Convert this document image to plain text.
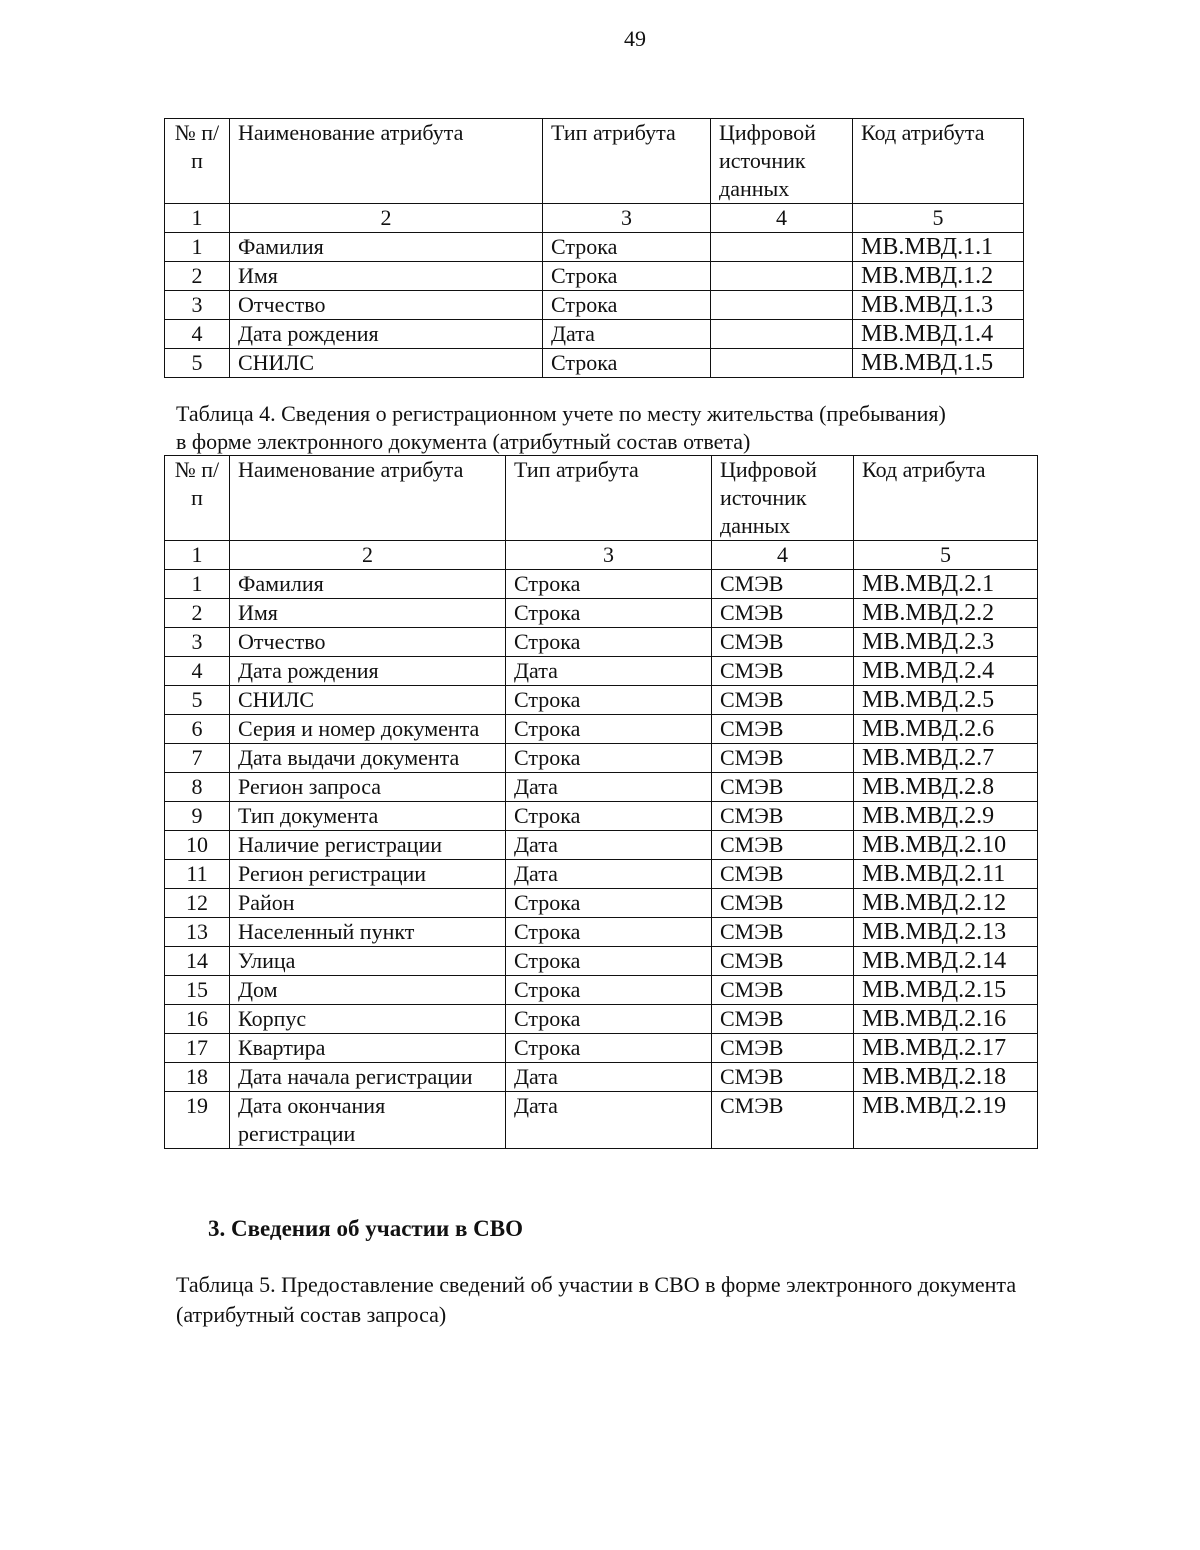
49
№ п/п	Наименование атрибута	Тип атрибута	Цифровой источник данных	Код атрибута
1	2	3	4	5
1	Фамилия	Строка		МВ.МВД.1.1
2	Имя	Строка		МВ.МВД.1.2
3	Отчество	Строка		МВ.МВД.1.3
4	Дата рождения	Дата		МВ.МВД.1.4
5	СНИЛС	Строка		МВ.МВД.1.5
Таблица 4. Сведения о регистрационном учете по месту жительства (пребывания)
в форме электронного документа (атрибутный состав ответа)
№ п/п	Наименование атрибута	Тип атрибута	Цифровой источник данных	Код атрибута
1	2	3	4	5
1	Фамилия	Строка	СМЭВ	МВ.МВД.2.1
2	Имя	Строка	СМЭВ	МВ.МВД.2.2
3	Отчество	Строка	СМЭВ	МВ.МВД.2.3
4	Дата рождения	Дата	СМЭВ	МВ.МВД.2.4
5	СНИЛС	Строка	СМЭВ	МВ.МВД.2.5
6	Серия и номер документа	Строка	СМЭВ	МВ.МВД.2.6
7	Дата выдачи документа	Строка	СМЭВ	МВ.МВД.2.7
8	Регион запроса	Дата	СМЭВ	МВ.МВД.2.8
9	Тип документа	Строка	СМЭВ	МВ.МВД.2.9
10	Наличие регистрации	Дата	СМЭВ	МВ.МВД.2.10
11	Регион регистрации	Дата	СМЭВ	МВ.МВД.2.11
12	Район	Строка	СМЭВ	МВ.МВД.2.12
13	Населенный пункт	Строка	СМЭВ	МВ.МВД.2.13
14	Улица	Строка	СМЭВ	МВ.МВД.2.14
15	Дом	Строка	СМЭВ	МВ.МВД.2.15
16	Корпус	Строка	СМЭВ	МВ.МВД.2.16
17	Квартира	Строка	СМЭВ	МВ.МВД.2.17
18	Дата начала регистрации	Дата	СМЭВ	МВ.МВД.2.18
19	Дата окончания регистрации	Дата	СМЭВ	МВ.МВД.2.19
3. Сведения об участии в СВО
Таблица 5. Предоставление сведений об участии в СВО в форме электронного документа (атрибутный состав запроса)
